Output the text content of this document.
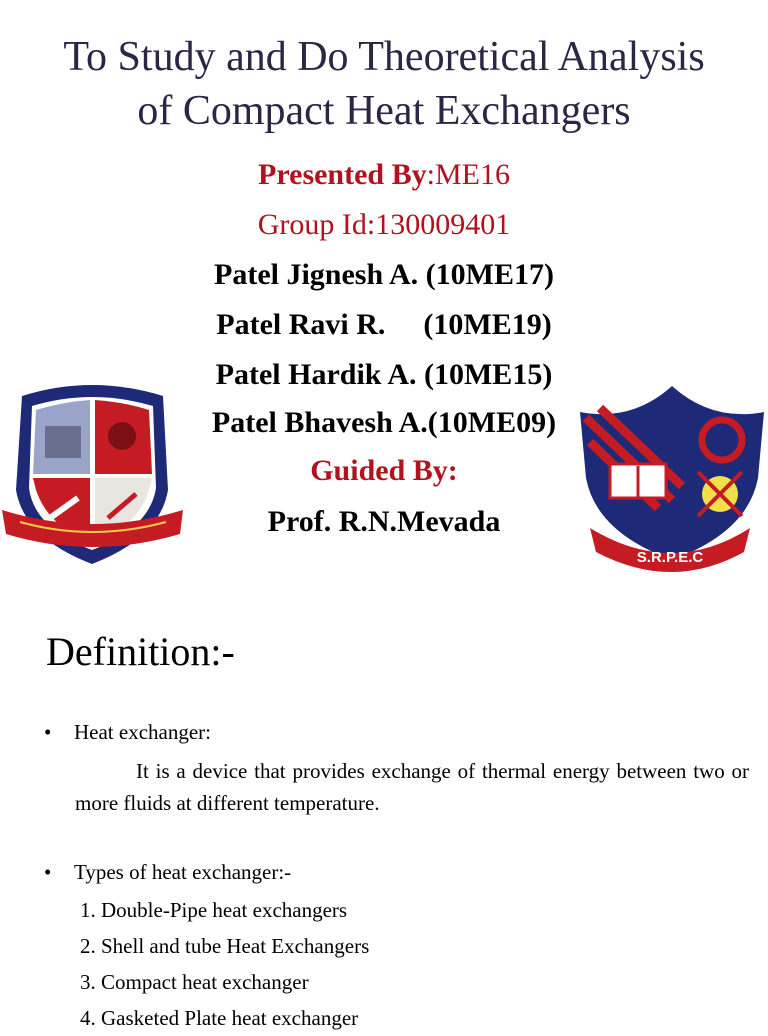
To Study and Do Theoretical Analysis
of Compact Heat Exchangers
Presented By:ME16
Group Id:130009401
Patel Jignesh A. (10ME17)
Patel Ravi R. (10ME19)
Patel Hardik A. (10ME15)
Patel Bhavesh A.(10ME09)
Guided By:
Prof. R.N.Mevada
S.R.P.E.C
Definition:-
• Heat exchanger:
It is a device that provides exchange of thermal energy between two or more fluids at different temperature.
• Types of heat exchanger:-
1. Double-Pipe heat exchangers
2. Shell and tube Heat Exchangers
3. Compact heat exchanger
4. Gasketed Plate heat exchanger
